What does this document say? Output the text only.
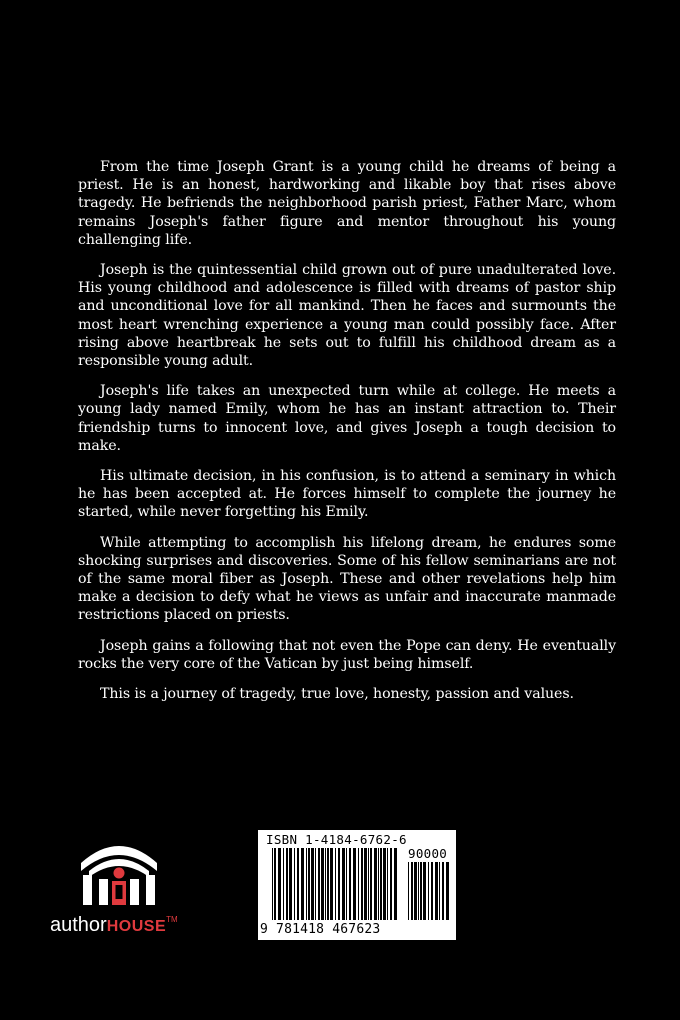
From the time Joseph Grant is a young child he dreams of being a priest. He is an honest, hardworking and likable boy that rises above tragedy. He befriends the neighborhood parish priest, Father Marc, whom remains Joseph's father figure and mentor throughout his young challenging life.

Joseph is the quintessential child grown out of pure unadulterated love. His young childhood and adolescence is filled with dreams of pastor ship and unconditional love for all mankind. Then he faces and surmounts the most heart wrenching experience a young man could possibly face. After rising above heartbreak he sets out to fulfill his childhood dream as a responsible young adult.

Joseph's life takes an unexpected turn while at college. He meets a young lady named Emily, whom he has an instant attraction to. Their friendship turns to innocent love, and gives Joseph a tough decision to make.

His ultimate decision, in his confusion, is to attend a seminary in which he has been accepted at. He forces himself to complete the journey he started, while never forgetting his Emily.

While attempting to accomplish his lifelong dream, he endures some shocking surprises and discoveries. Some of his fellow seminarians are not of the same moral fiber as Joseph. These and other revelations help him make a decision to defy what he views as unfair and inaccurate manmade restrictions placed on priests.

Joseph gains a following that not even the Pope can deny. He eventually rocks the very core of the Vatican by just being himself.

This is a journey of tragedy, true love, honesty, passion and values.

authorHOUSE™
ISBN 1-4184-6762-6
90000
9 781418 467623
